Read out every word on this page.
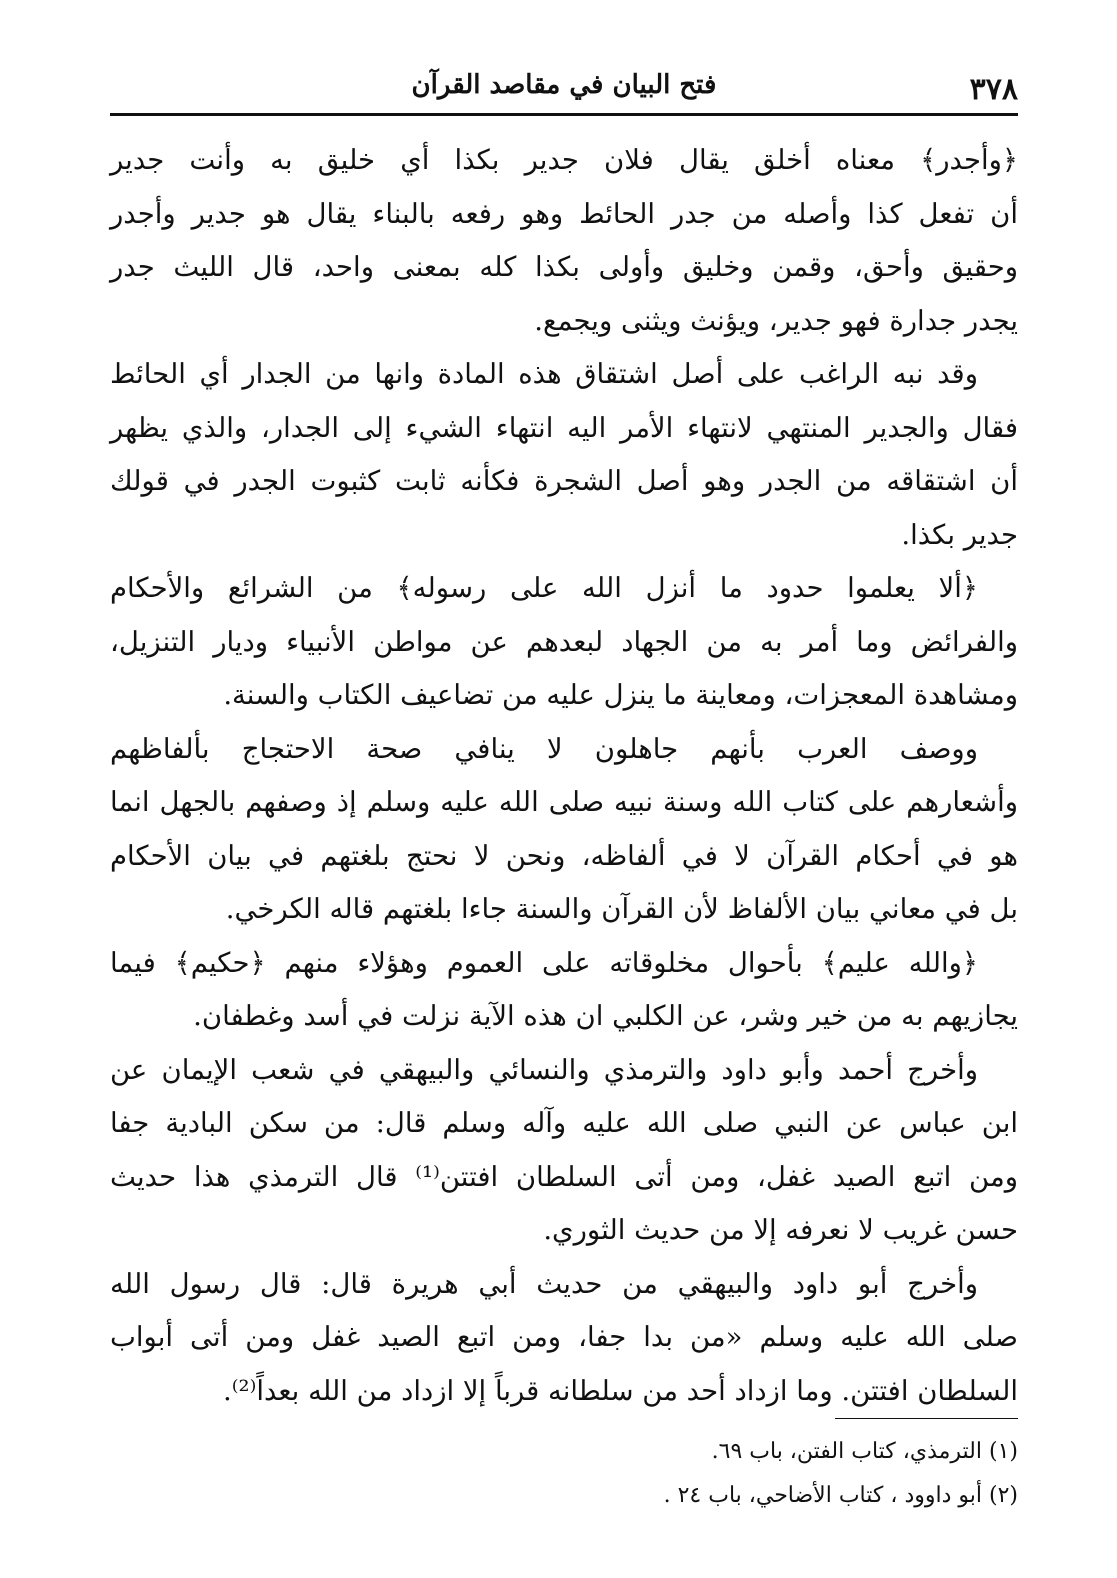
٣٧٨
فتح البيان في مقاصد القرآن
﴿وأجدر﴾ معناه أخلق يقال فلان جدير بكذا أي خليق به وأنت جدير
أن تفعل كذا وأصله من جدر الحائط وهو رفعه بالبناء يقال هو جدير وأجدر
وحقيق وأحق، وقمن وخليق وأولى بكذا كله بمعنى واحد، قال الليث جدر
يجدر جدارة فهو جدير، ويؤنث ويثنى ويجمع.
وقد نبه الراغب على أصل اشتقاق هذه المادة وانها من الجدار أي الحائط
فقال والجدير المنتهي لانتهاء الأمر اليه انتهاء الشيء إلى الجدار، والذي يظهر
أن اشتقاقه من الجدر وهو أصل الشجرة فكأنه ثابت كثبوت الجدر في قولك
جدير بكذا.
﴿ألا يعلموا حدود ما أنزل الله على رسوله﴾ من الشرائع والأحكام
والفرائض وما أمر به من الجهاد لبعدهم عن مواطن الأنبياء وديار التنزيل،
ومشاهدة المعجزات، ومعاينة ما ينزل عليه من تضاعيف الكتاب والسنة.
ووصف العرب بأنهم جاهلون لا ينافي صحة الاحتجاج بألفاظهم
وأشعارهم على كتاب الله وسنة نبيه صلى الله عليه وسلم إذ وصفهم بالجهل انما
هو في أحكام القرآن لا في ألفاظه، ونحن لا نحتج بلغتهم في بيان الأحكام
بل في معاني بيان الألفاظ لأن القرآن والسنة جاءا بلغتهم قاله الكرخي.
﴿والله عليم﴾ بأحوال مخلوقاته على العموم وهؤلاء منهم ﴿حكيم﴾ فيما
يجازيهم به من خير وشر، عن الكلبي ان هذه الآية نزلت في أسد وغطفان.
وأخرج أحمد وأبو داود والترمذي والنسائي والبيهقي في شعب الإيمان عن
ابن عباس عن النبي صلى الله عليه وآله وسلم قال: من سكن البادية جفا
ومن اتبع الصيد غفل، ومن أتى السلطان افتتن⁽¹⁾ قال الترمذي هذا حديث
حسن غريب لا نعرفه إلا من حديث الثوري.
وأخرج أبو داود والبيهقي من حديث أبي هريرة قال: قال رسول الله
صلى الله عليه وسلم «من بدا جفا، ومن اتبع الصيد غفل ومن أتى أبواب
السلطان افتتن. وما ازداد أحد من سلطانه قرباً إلا ازداد من الله بعداً⁽²⁾.
(١) الترمذي، كتاب الفتن، باب ٦٩.
(٢) أبو داوود ، كتاب الأضاحي، باب ٢٤ .
